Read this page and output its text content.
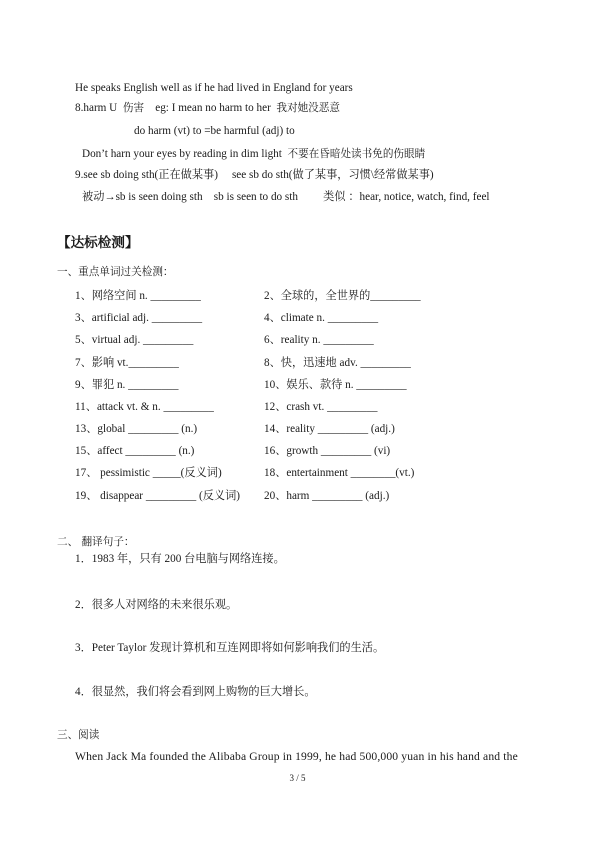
He speaks English well as if he had lived in England for years
8.harm U 伤害 eg: I mean no harm to her 我对她没恶意
do harm (vt) to =be harmful (adj) to
Don’t harn your eyes by reading in dim light 不要在昏暗处读书免的伤眼睛
9.see sb doing sth(正在做某事) see sb do sth(做了某事，习惯\经常做某事)
被动→sb is seen doing sth sb is seen to do sth 类似 ：hear, notice, watch, find, feel
【达标检测】
一、重点单词过关检测：
1、网络空间 n. _________	2、全球的，全世界的_________
3、artificial adj. _________	4、climate n. _________
5、virtual adj. _________	6、reality n. _________
7、影响 vt._________	8、快，迅速地 adv. _________
9、罪犯 n. _________	10、娱乐、款待 n. _________
11、attack vt. & n. _________	12、crash vt. _________
13、global _________ (n.)	14、reality _________ (adj.)
15、affect _________ (n.)	16、growth _________ (vi)
17、 pessimistic _____(反义词)	18、entertainment ________(vt.)
19、 disappear _________ (反义词) 20、harm _________ (adj.)
二、 翻译句子：
1．1983 年，只有 200 台电脑与网络连接。
2．很多人对网络的未来很乐观。
3．Peter Taylor 发现计算机和互连网即将如何影响我们的生活。
4．很显然，我们将会看到网上购物的巨大增长。
三、阅读
When Jack Ma founded the Alibaba Group in 1999, he had 500,000 yuan in his hand and the
3 / 5
